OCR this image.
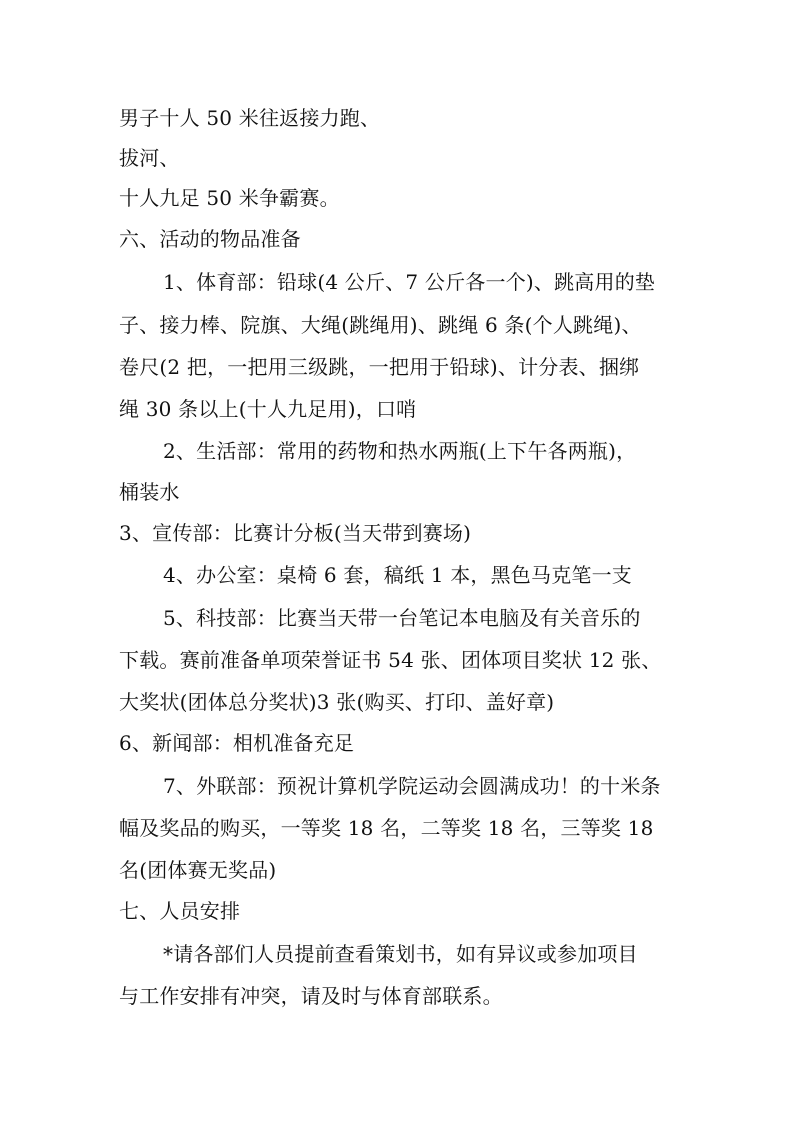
男子十人 50 米往返接力跑、
拔河、
十人九足 50 米争霸赛。
六、活动的物品准备
1、体育部：铅球(4 公斤、7 公斤各一个)、跳高用的垫
子、接力棒、院旗、大绳(跳绳用)、跳绳 6 条(个人跳绳)、
卷尺(2 把，一把用三级跳，一把用于铅球)、计分表、捆绑
绳 30 条以上(十人九足用)，口哨
2、生活部：常用的药物和热水两瓶(上下午各两瓶)，
桶装水
3、宣传部：比赛计分板(当天带到赛场)
4、办公室：桌椅 6 套，稿纸 1 本，黑色马克笔一支
5、科技部：比赛当天带一台笔记本电脑及有关音乐的
下载。赛前准备单项荣誉证书 54 张、团体项目奖状 12 张、
大奖状(团体总分奖状)3 张(购买、打印、盖好章)
6、新闻部：相机准备充足
7、外联部：预祝计算机学院运动会圆满成功！的十米条
幅及奖品的购买，一等奖 18 名，二等奖 18 名，三等奖 18
名(团体赛无奖品)
七、人员安排
*请各部们人员提前查看策划书，如有异议或参加项目
与工作安排有冲突，请及时与体育部联系。
